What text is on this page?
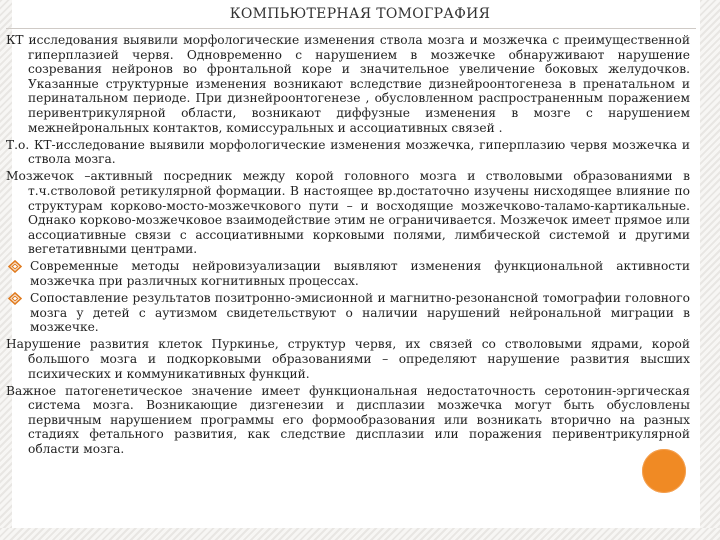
КОМПЬЮТЕРНАЯ ТОМОГРАФИЯ

КТ исследования выявили морфологические изменения ствола мозга и мозжечка с преимущественной гиперплазией червя. Одновременно с нарушением в мозжечке обнаруживают нарушение созревания нейронов во фронтальной коре и значительное увеличение боковых желудочков. Указанные структурные изменения возникают вследствие дизнейроонтогенеза в пренатальном и перинатальном периоде. При дизнейроонтогенезе , обусловленном распространенным поражением перивентрикулярной области, возникают диффузные изменения в мозге с нарушением межнейрональных контактов, комиссуральных и ассоциативных связей .

Т.о. КТ-исследование выявили морфологические изменения мозжечка, гиперплазию червя мозжечка и ствола мозга.

Мозжечок –активный посредник между корой головного мозга и стволовыми образованиями в т.ч.стволовой ретикулярной формации. В настоящее вр.достаточно изучены нисходящее влияние по структурам корково-мосто-мозжечкового пути – и восходящие мозжечково-таламо-картикальные. Однако корково-мозжечковое взаимодействие этим не ограничивается. Мозжечок имеет прямое или ассоциативные связи с ассоциативными корковыми полями, лимбической системой и другими вегетативными центрами.

Современные методы нейровизуализации выявляют изменения функциональной активности мозжечка при различных когнитивных процессах.
Сопоставление результатов позитронно-эмисионной и магнитно-резонансной томографии головного мозга у детей с аутизмом свидетельствуют о наличии нарушений нейрональной миграции в мозжечке.

Нарушение развития клеток Пуркинье, структур червя, их связей со стволовыми ядрами, корой большого мозга и подкорковыми образованиями – определяют нарушение развития высших психических и коммуникативных функций.

Важное патогенетическое значение имеет функциональная недостаточность серотонин-эргическая система мозга. Возникающие дизгенезии и дисплазии мозжечка могут быть обусловлены первичным нарушением программы его формообразования или возникать вторично на разных стадиях фетального развития, как следствие дисплазии или поражения перивентрикулярной области мозга.
